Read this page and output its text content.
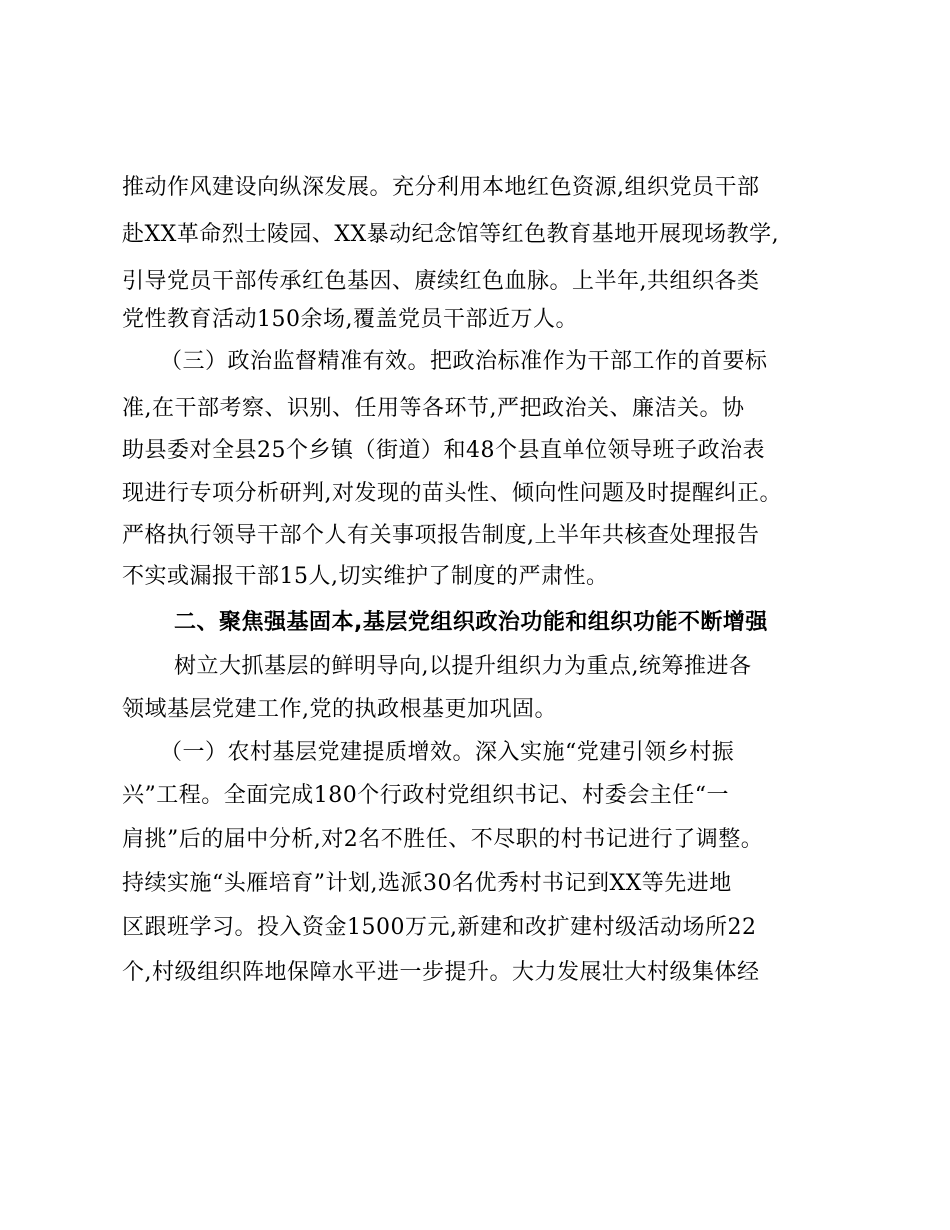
推动作风建设向纵深发展。充分利用本地红色资源,组织党员干部
赴XX革命烈士陵园、XX暴动纪念馆等红色教育基地开展现场教学,
引导党员干部传承红色基因、赓续红色血脉。上半年,共组织各类
党性教育活动150余场,覆盖党员干部近万人。
（三）政治监督精准有效。把政治标准作为干部工作的首要标
准,在干部考察、识别、任用等各环节,严把政治关、廉洁关。协
助县委对全县25个乡镇（街道）和48个县直单位领导班子政治表
现进行专项分析研判,对发现的苗头性、倾向性问题及时提醒纠正。
严格执行领导干部个人有关事项报告制度,上半年共核查处理报告
不实或漏报干部15人,切实维护了制度的严肃性。
二、聚焦强基固本,基层党组织政治功能和组织功能不断增强
树立大抓基层的鲜明导向,以提升组织力为重点,统筹推进各
领域基层党建工作,党的执政根基更加巩固。
（一）农村基层党建提质增效。深入实施“党建引领乡村振
兴”工程。全面完成180个行政村党组织书记、村委会主任“一
肩挑”后的届中分析,对2名不胜任、不尽职的村书记进行了调整。
持续实施“头雁培育”计划,选派30名优秀村书记到XX等先进地
区跟班学习。投入资金1500万元,新建和改扩建村级活动场所22
个,村级组织阵地保障水平进一步提升。大力发展壮大村级集体经
